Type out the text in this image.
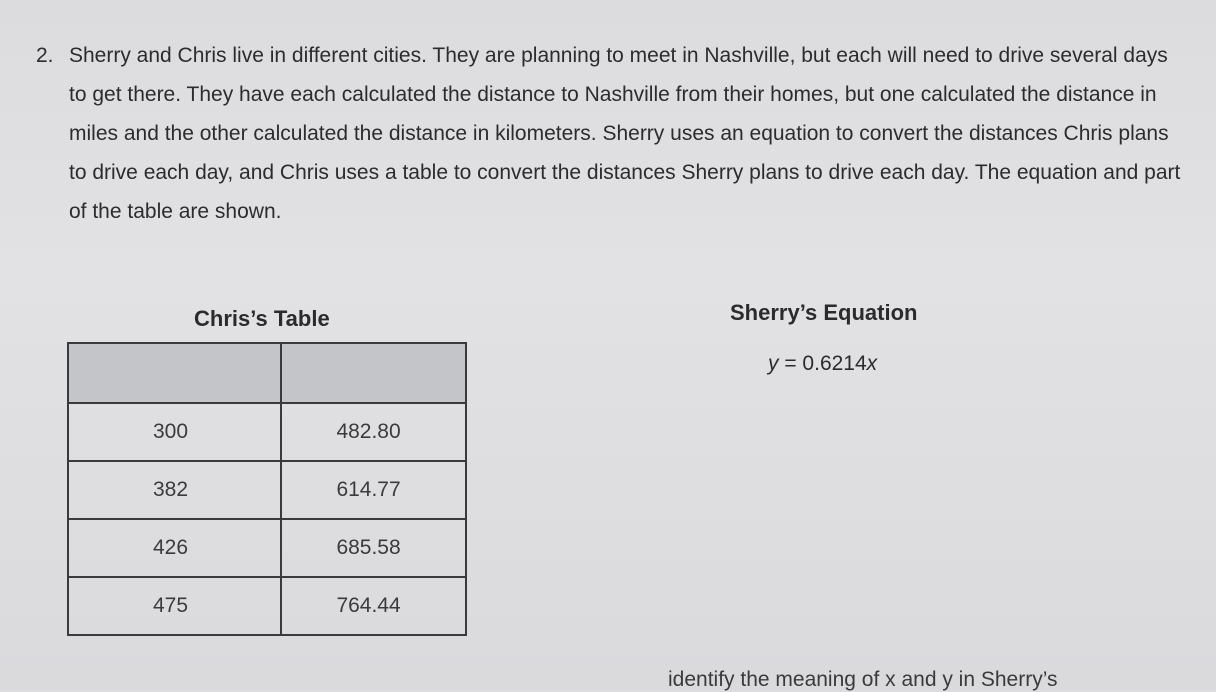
2. Sherry and Chris live in different cities. They are planning to meet in Nashville, but each will need to drive several days to get there. They have each calculated the distance to Nashville from their homes, but one calculated the distance in miles and the other calculated the distance in kilometers. Sherry uses an equation to convert the distances Chris plans to drive each day, and Chris uses a table to convert the distances Sherry plans to drive each day. The equation and part of the table are shown.
Chris’s Table

300	482.80
382	614.77
426	685.58
475	764.44
Sherry’s Equation
y = 0.6214x
identify the meaning of x and y in Sherry’s
